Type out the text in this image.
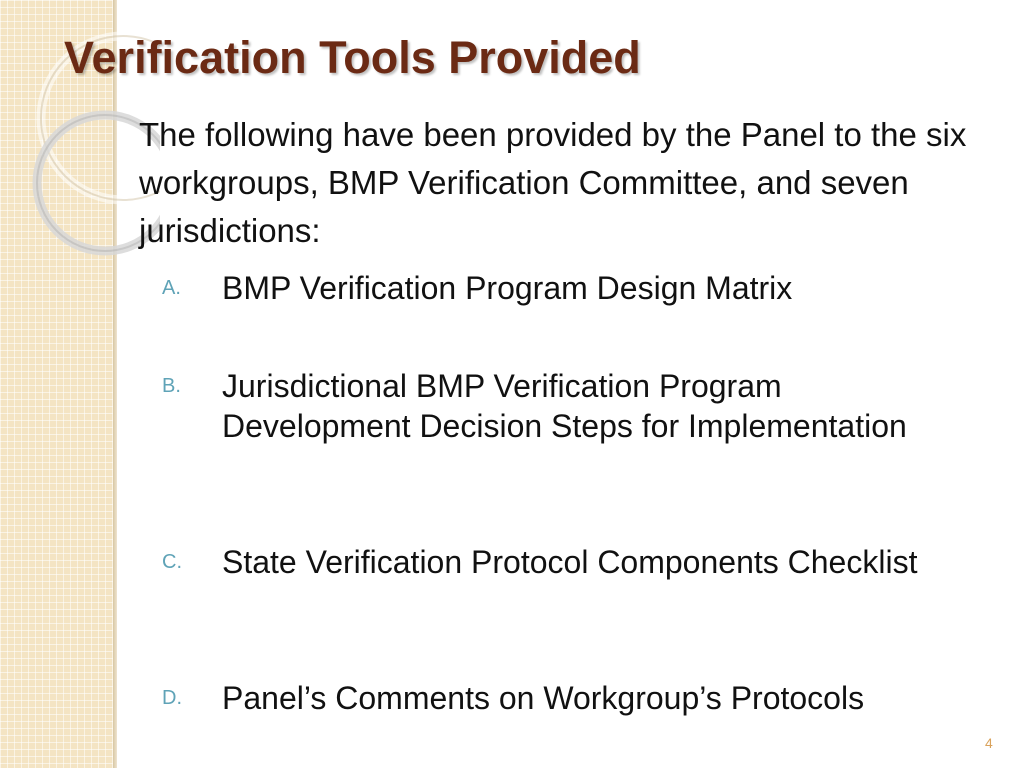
Verification Tools Provided

The following have been provided by the Panel to the six workgroups, BMP Verification Committee, and seven jurisdictions:

A.	BMP Verification Program Design Matrix
B.	Jurisdictional BMP Verification Program Development Decision Steps for Implementation
C.	State Verification Protocol Components Checklist
D.	Panel’s Comments on Workgroup’s Protocols
4
